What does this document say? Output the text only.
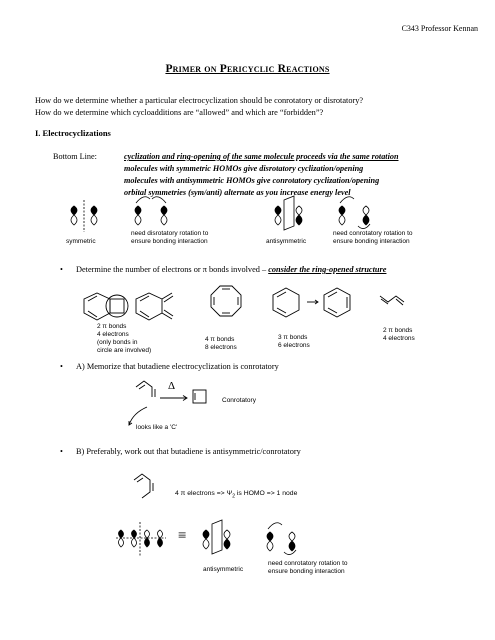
C343 Professor Kennan
Primer on Pericyclic Reactions
How do we determine whether a particular electrocyclization should be conrotatory or disrotatory?
How do we determine which cycloadditions are “allowed” and which are “forbidden”?
I. Electrocyclizations
Bottom Line:	cyclization and ring-opening of the same molecule proceeds via the same rotation
molecules with symmetric HOMOs give disrotatory cyclization/opening
molecules with antisymmetric HOMOs give conrotatory cyclization/opening
orbital symmetries (sym/anti) alternate as you increase energy level
symmetric
need disrotatory rotation to
ensure bonding interaction	antisymmetric
need conrotatory rotation to
ensure bonding interaction
• Determine the number of electrons or π bonds involved – consider the ring-opened structure
2 π bonds
4 electrons
(only bonds in
circle are involved)
4 π bonds
8 electrons
3 π bonds
6 electrons
2 π bonds
4 electrons
• A) Memorize that butadiene electrocyclization is conrotatory
Δ
Conrotatory
looks like a 'C'
• B) Preferably, work out that butadiene is antisymmetric/conrotatory
4 π electrons => $\Psi_2$ is HOMO => 1 node
≡
antisymmetric
need conrotatory rotation to
ensure bonding interaction
